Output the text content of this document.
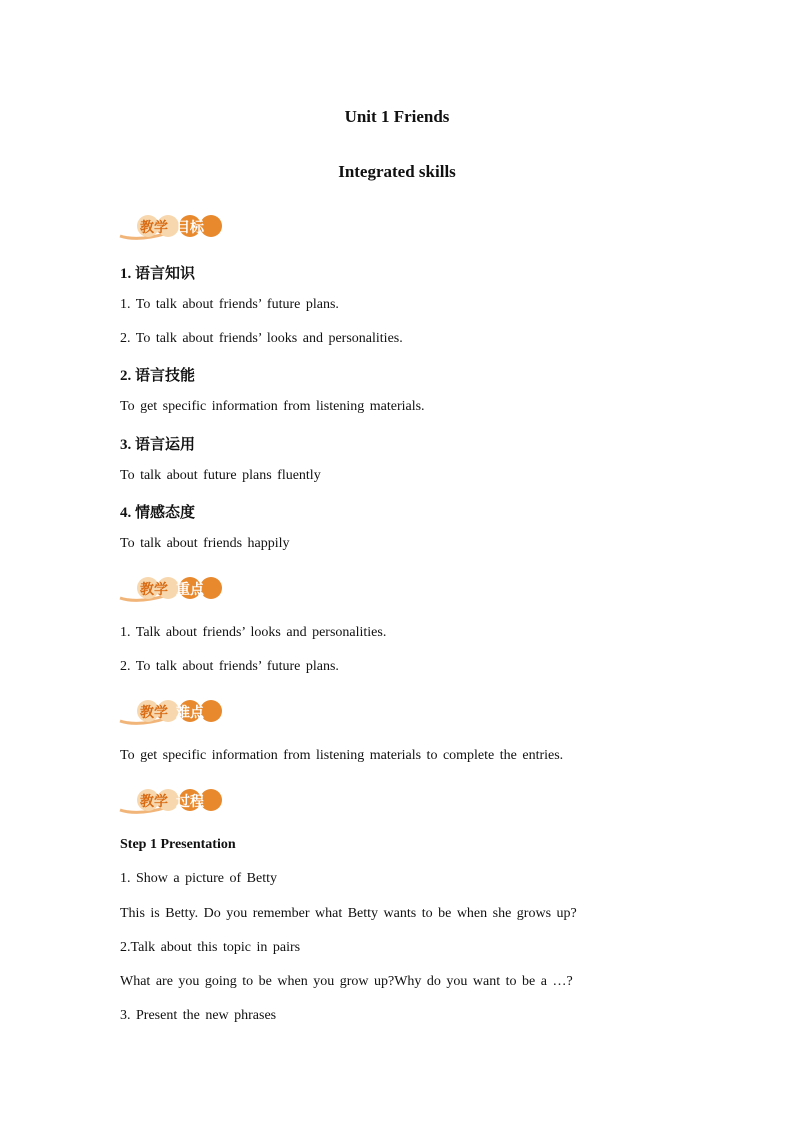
Unit 1 Friends
Integrated skills
教学 目标
1. 语言知识
1. To talk about friends’ future plans.
2. To talk about friends’ looks and personalities.
2. 语言技能
To get specific information from listening materials.
3. 语言运用
To talk about future plans fluently
4. 情感态度
To talk about friends happily
教学 重点
1. Talk about friends’ looks and personalities.
2. To talk about friends’ future plans.
教学 难点
To get specific information from listening materials to complete the entries.
教学 过程
Step 1 Presentation
1. Show a picture of Betty
This is Betty. Do you remember what Betty wants to be when she grows up?
2.Talk about this topic in pairs
What are you going to be when you grow up?Why do you want to be a …?
3. Present the new phrases
